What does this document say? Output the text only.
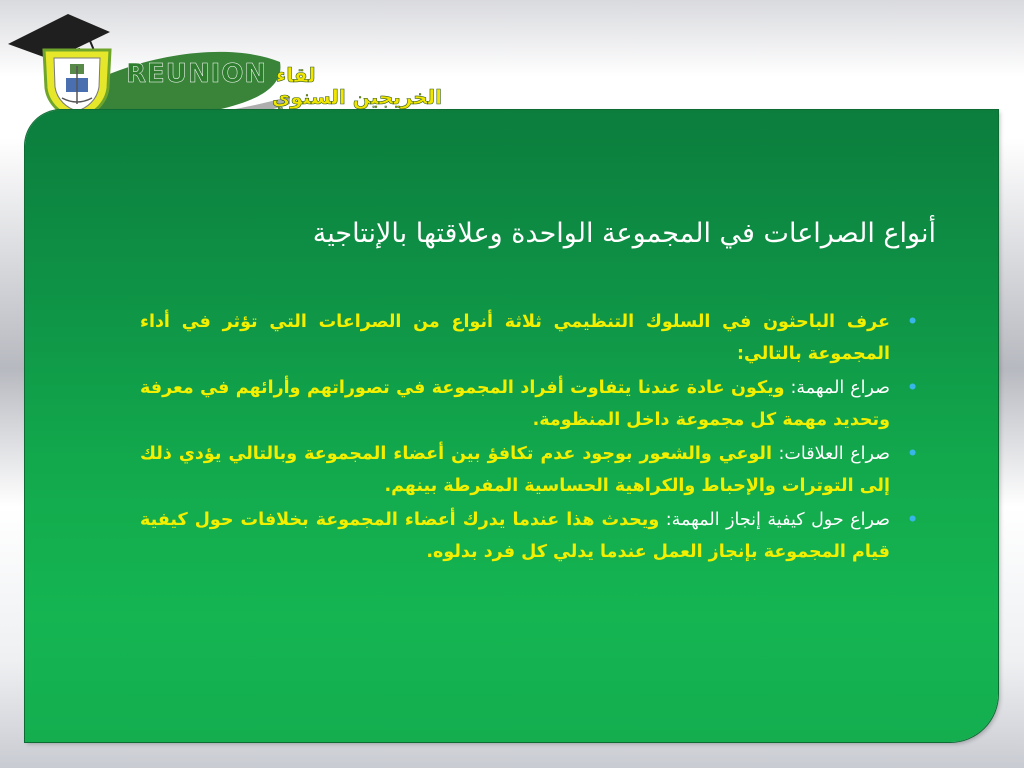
REUNION لقاء
الخريجين السنوي
أنواع الصراعات في المجموعة الواحدة وعلاقتها بالإنتاجية
•
عرف الباحثون في السلوك التنظيمي ثلاثة أنواع من الصراعات التي تؤثر في أداء المجموعة بالتالي:
•
صراع المهمة: ويكون عادة عندنا يتفاوت أفراد المجموعة في تصوراتهم وأرائهم في معرفة وتحديد مهمة كل مجموعة داخل المنظومة.
•
صراع العلاقات: الوعي والشعور بوجود عدم تكافؤ بين أعضاء المجموعة وبالتالي يؤدي ذلك إلى التوترات والإحباط والكراهية الحساسية المفرطة بينهم.
•
صراع حول كيفية إنجاز المهمة: ويحدث هذا عندما يدرك أعضاء المجموعة بخلافات حول كيفية قيام المجموعة بإنجاز العمل عندما يدلي كل فرد بدلوه.
